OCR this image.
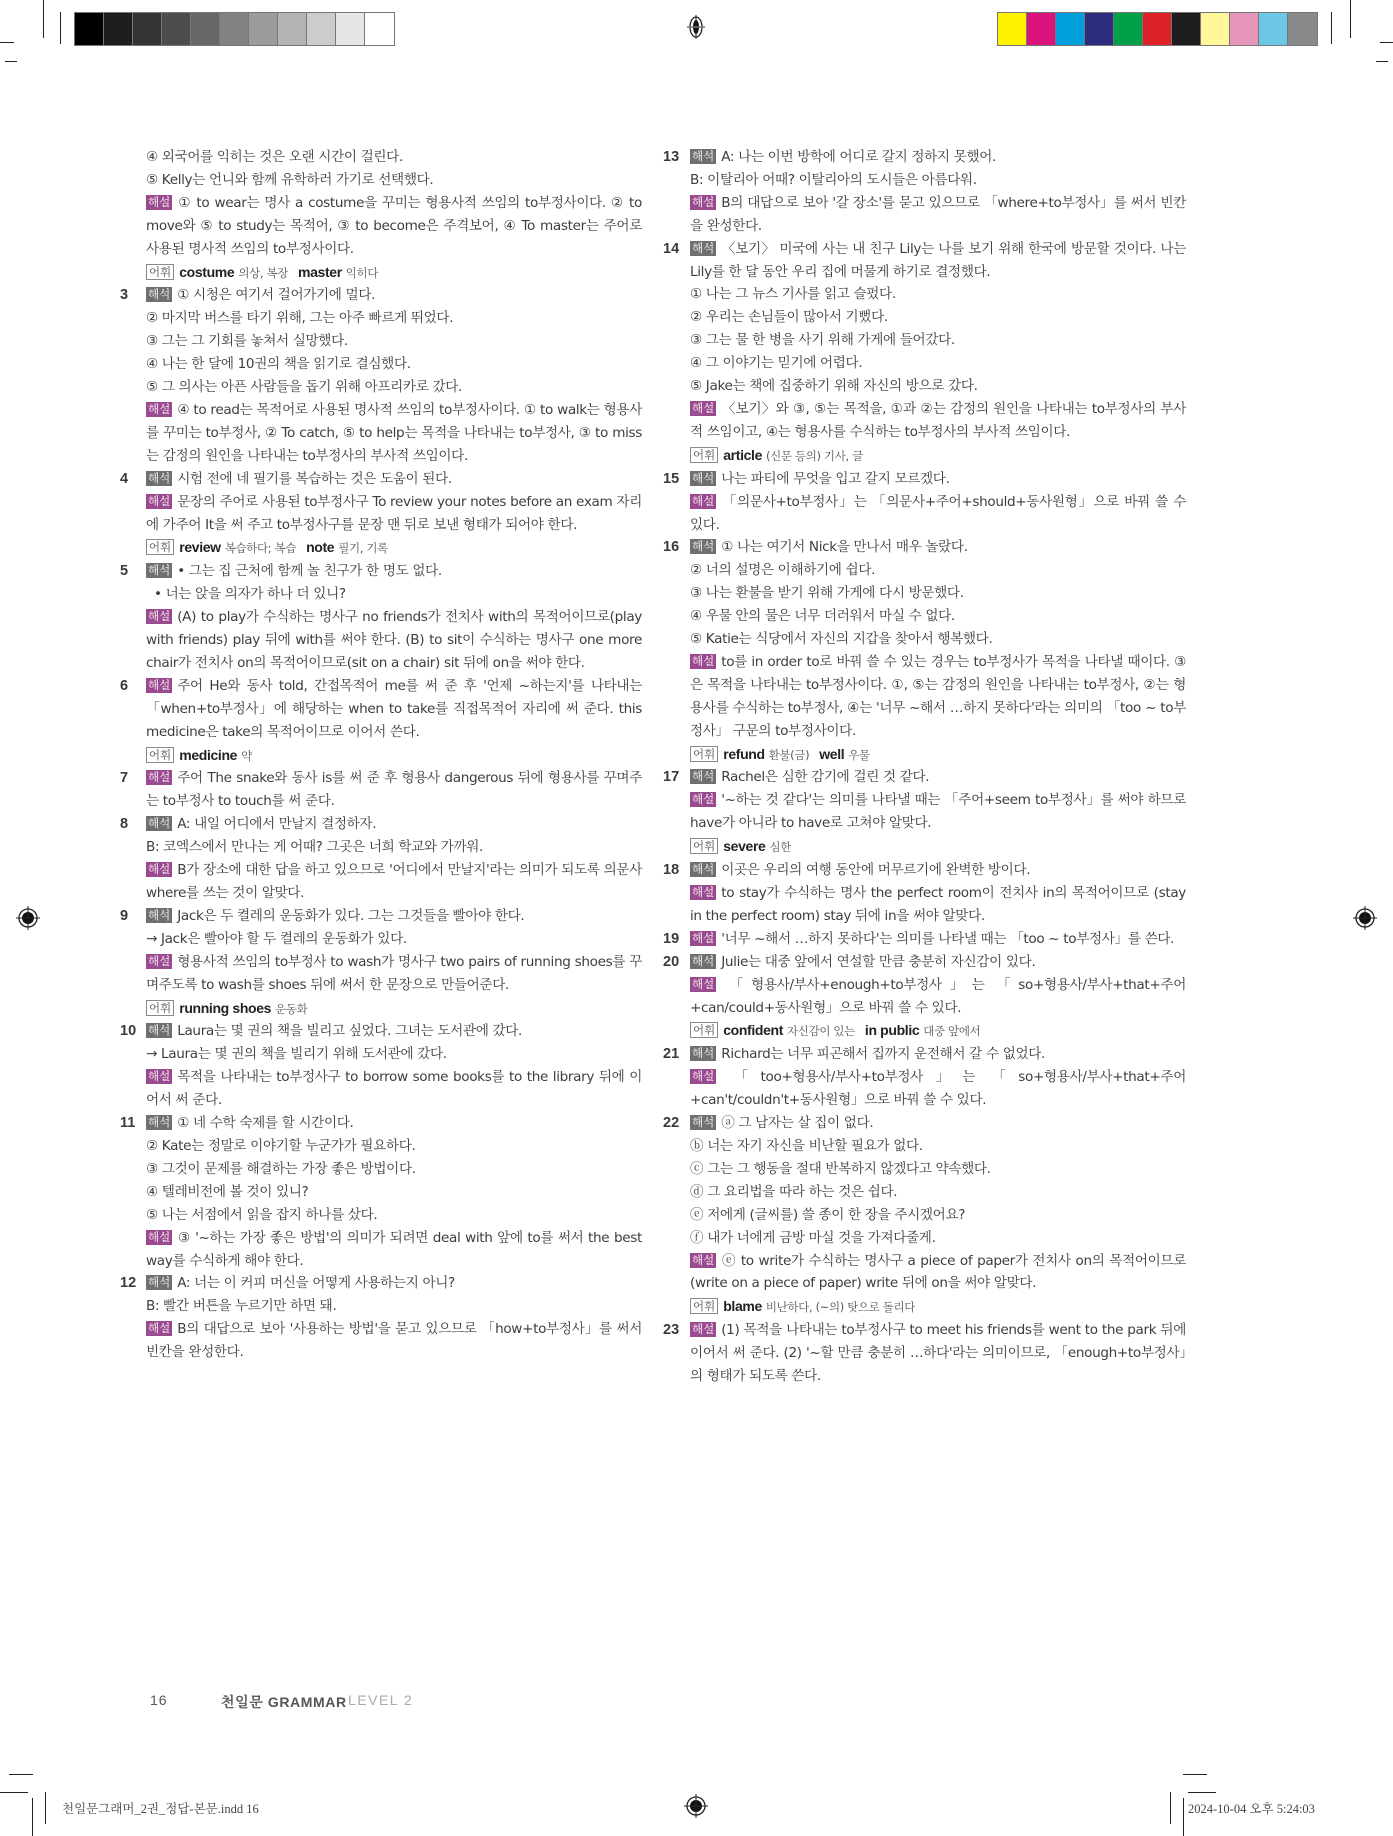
④ 외국어를 익히는 것은 오랜 시간이 걸린다.
⑤ Kelly는 언니와 함께 유학하러 가기로 선택했다.
해설 ① to wear는 명사 a costume을 꾸미는 형용사적 쓰임의 to부정사이다. ② to move와 ⑤ to study는 목적어, ③ to become은 주격보어, ④ To master는 주어로 사용된 명사적 쓰임의 to부정사이다.
어휘 costume 의상, 복장 master 익히다
3 해석 ① 시청은 여기서 걸어가기에 멀다.
② 마지막 버스를 타기 위해, 그는 아주 빠르게 뛰었다.
③ 그는 그 기회를 놓쳐서 실망했다.
④ 나는 한 달에 10권의 책을 읽기로 결심했다.
⑤ 그 의사는 아픈 사람들을 돕기 위해 아프리카로 갔다.
해설 ④ to read는 목적어로 사용된 명사적 쓰임의 to부정사이다. ① to walk는 형용사를 꾸미는 to부정사, ② To catch, ⑤ to help는 목적을 나타내는 to부정사, ③ to miss는 감정의 원인을 나타내는 to부정사의 부사적 쓰임이다.
4 해석 시험 전에 네 필기를 복습하는 것은 도움이 된다.
해설 문장의 주어로 사용된 to부정사구 To review your notes before an exam 자리에 가주어 It을 써 주고 to부정사구를 문장 맨 뒤로 보낸 형태가 되어야 한다.
어휘 review 복습하다; 복습 note 필기, 기록
5 해석 • 그는 집 근처에 함께 놀 친구가 한 명도 없다.
• 너는 앉을 의자가 하나 더 있니?
해설 (A) to play가 수식하는 명사구 no friends가 전치사 with의 목적어이므로(play with friends) play 뒤에 with를 써야 한다. (B) to sit이 수식하는 명사구 one more chair가 전치사 on의 목적어이므로(sit on a chair) sit 뒤에 on을 써야 한다.
6 해설 주어 He와 동사 told, 간접목적어 me를 써 준 후 '언제 ~하는지'를 나타내는 「when+to부정사」에 해당하는 when to take를 직접목적어 자리에 써 준다. this medicine은 take의 목적어이므로 이어서 쓴다.
어휘 medicine 약
7 해설 주어 The snake와 동사 is를 써 준 후 형용사 dangerous 뒤에 형용사를 꾸며주는 to부정사 to touch를 써 준다.
8 해석 A: 내일 어디에서 만날지 결정하자.
B: 코엑스에서 만나는 게 어때? 그곳은 너희 학교와 가까워.
해설 B가 장소에 대한 답을 하고 있으므로 '어디에서 만날지'라는 의미가 되도록 의문사 where를 쓰는 것이 알맞다.
9 해석 Jack은 두 켤레의 운동화가 있다. 그는 그것들을 빨아야 한다.
→ Jack은 빨아야 할 두 켤레의 운동화가 있다.
해설 형용사적 쓰임의 to부정사 to wash가 명사구 two pairs of running shoes를 꾸며주도록 to wash를 shoes 뒤에 써서 한 문장으로 만들어준다.
어휘 running shoes 운동화
10 해석 Laura는 몇 권의 책을 빌리고 싶었다. 그녀는 도서관에 갔다.
→ Laura는 몇 권의 책을 빌리기 위해 도서관에 갔다.
해설 목적을 나타내는 to부정사구 to borrow some books를 to the library 뒤에 이어서 써 준다.
11 해석 ① 네 수학 숙제를 할 시간이다.
② Kate는 정말로 이야기할 누군가가 필요하다.
③ 그것이 문제를 해결하는 가장 좋은 방법이다.
④ 텔레비전에 볼 것이 있니?
⑤ 나는 서점에서 읽을 잡지 하나를 샀다.
해설 ③ '~하는 가장 좋은 방법'의 의미가 되려면 deal with 앞에 to를 써서 the best way를 수식하게 해야 한다.
12 해석 A: 너는 이 커피 머신을 어떻게 사용하는지 아니?
B: 빨간 버튼을 누르기만 하면 돼.
해설 B의 대답으로 보아 '사용하는 방법'을 묻고 있으므로 「how+to부정사」를 써서 빈칸을 완성한다.
13 해석 A: 나는 이번 방학에 어디로 갈지 정하지 못했어.
B: 이탈리아 어때? 이탈리아의 도시들은 아름다워.
해설 B의 대답으로 보아 '갈 장소'를 묻고 있으므로 「where+to부정사」를 써서 빈칸을 완성한다.
14 해석 〈보기〉 미국에 사는 내 친구 Lily는 나를 보기 위해 한국에 방문할 것이다. 나는 Lily를 한 달 동안 우리 집에 머물게 하기로 결정했다.
① 나는 그 뉴스 기사를 읽고 슬펐다.
② 우리는 손님들이 많아서 기뻤다.
③ 그는 물 한 병을 사기 위해 가게에 들어갔다.
④ 그 이야기는 믿기에 어렵다.
⑤ Jake는 책에 집중하기 위해 자신의 방으로 갔다.
해설 〈보기〉와 ③, ⑤는 목적을, ①과 ②는 감정의 원인을 나타내는 to부정사의 부사적 쓰임이고, ④는 형용사를 수식하는 to부정사의 부사적 쓰임이다.
어휘 article (신문 등의) 기사, 글
15 해석 나는 파티에 무엇을 입고 갈지 모르겠다.
해설 「의문사+to부정사」는 「의문사+주어+should+동사원형」으로 바꿔 쓸 수 있다.
16 해석 ① 나는 여기서 Nick을 만나서 매우 놀랐다.
② 너의 설명은 이해하기에 쉽다.
③ 나는 환불을 받기 위해 가게에 다시 방문했다.
④ 우물 안의 물은 너무 더러워서 마실 수 없다.
⑤ Katie는 식당에서 자신의 지갑을 찾아서 행복했다.
해설 to를 in order to로 바꿔 쓸 수 있는 경우는 to부정사가 목적을 나타낼 때이다. ③은 목적을 나타내는 to부정사이다. ①, ⑤는 감정의 원인을 나타내는 to부정사, ②는 형용사를 수식하는 to부정사, ④는 '너무 ~해서 …하지 못하다'라는 의미의 「too ~ to부정사」 구문의 to부정사이다.
어휘 refund 환불(금) well 우물
17 해석 Rachel은 심한 감기에 걸린 것 같다.
해설 '~하는 것 같다'는 의미를 나타낼 때는 「주어+seem to부정사」를 써야 하므로 have가 아니라 to have로 고쳐야 알맞다.
어휘 severe 심한
18 해석 이곳은 우리의 여행 동안에 머무르기에 완벽한 방이다.
해설 to stay가 수식하는 명사 the perfect room이 전치사 in의 목적어이므로 (stay in the perfect room) stay 뒤에 in을 써야 알맞다.
19 해설 '너무 ~해서 …하지 못하다'는 의미를 나타낼 때는 「too ~ to부정사」를 쓴다.
20 해석 Julie는 대중 앞에서 연설할 만큼 충분히 자신감이 있다.
해설 「형용사/부사+enough+to부정사」는 「so+형용사/부사+that+주어+can/could+동사원형」으로 바꿔 쓸 수 있다.
어휘 confident 자신감이 있는 in public 대중 앞에서
21 해석 Richard는 너무 피곤해서 집까지 운전해서 갈 수 없었다.
해설 「too+형용사/부사+to부정사」는 「so+형용사/부사+that+주어+can't/couldn't+동사원형」으로 바꿔 쓸 수 있다.
22 해석 ⓐ 그 남자는 살 집이 없다.
ⓑ 너는 자기 자신을 비난할 필요가 없다.
ⓒ 그는 그 행동을 절대 반복하지 않겠다고 약속했다.
ⓓ 그 요리법을 따라 하는 것은 쉽다.
ⓔ 저에게 (글씨를) 쓸 종이 한 장을 주시겠어요?
ⓕ 내가 너에게 금방 마실 것을 가져다줄게.
해설 ⓔ to write가 수식하는 명사구 a piece of paper가 전치사 on의 목적어이므로(write on a piece of paper) write 뒤에 on을 써야 알맞다.
어휘 blame 비난하다, (~의) 탓으로 돌리다
23 해설 (1) 목적을 나타내는 to부정사구 to meet his friends를 went to the park 뒤에 이어서 써 준다. (2) '~할 만큼 충분히 …하다'라는 의미이므로, 「enough+to부정사」의 형태가 되도록 쓴다.
16	천일문 GRAMMAR LEVEL 2
천일문그래머_2권_정답-본문.indd 16	2024-10-04 오후 5:24:03
